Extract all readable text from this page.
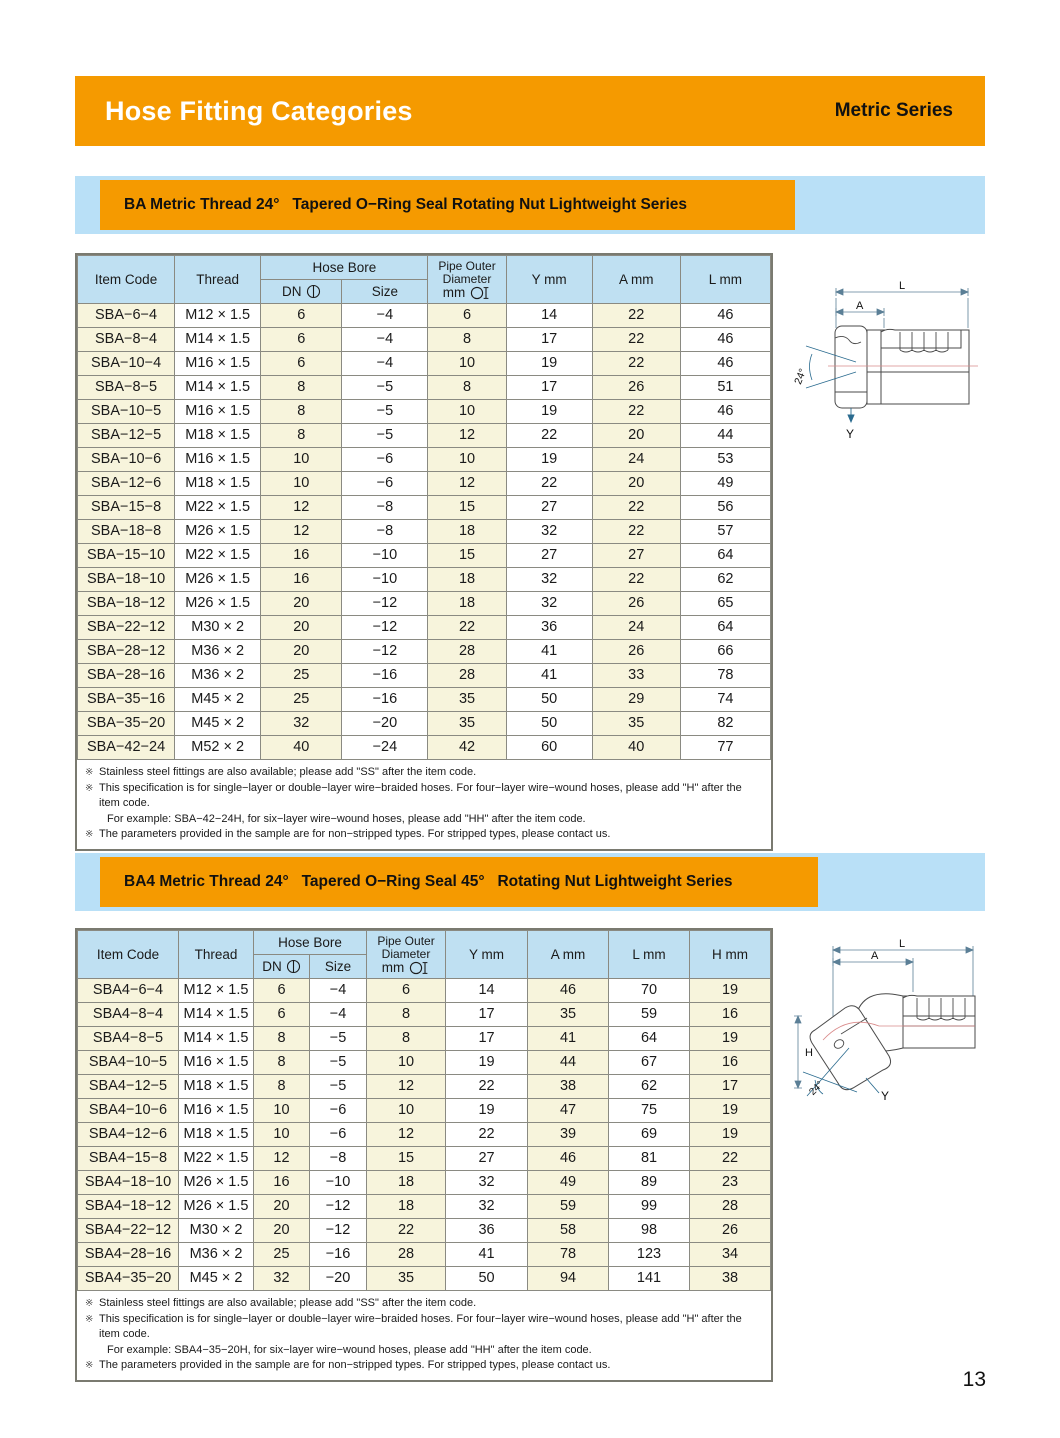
Hose Fitting Categories	Metric Series
BA Metric Thread 24°   Tapered O−Ring Seal Rotating Nut Lightweight Series
Item Code	Thread	Hose Bore		Pipe Outer
Diameter
mm	Y mm	A mm	L mm

		DN	Size				
SBA−6−4	M12 × 1.5	6	−4	6	14	22	46
SBA−8−4	M14 × 1.5	6	−4	8	17	22	46
SBA−10−4	M16 × 1.5	6	−4	10	19	22	46
SBA−8−5	M14 × 1.5	8	−5	8	17	26	51
SBA−10−5	M16 × 1.5	8	−5	10	19	22	46
SBA−12−5	M18 × 1.5	8	−5	12	22	20	44
SBA−10−6	M16 × 1.5	10	−6	10	19	24	53
SBA−12−6	M18 × 1.5	10	−6	12	22	20	49
SBA−15−8	M22 × 1.5	12	−8	15	27	22	56
SBA−18−8	M26 × 1.5	12	−8	18	32	22	57
SBA−15−10	M22 × 1.5	16	−10	15	27	27	64
SBA−18−10	M26 × 1.5	16	−10	18	32	22	62
SBA−18−12	M26 × 1.5	20	−12	18	32	26	65
SBA−22−12	M30 × 2	20	−12	22	36	24	64
SBA−28−12	M36 × 2	20	−12	28	41	26	66
SBA−28−16	M36 × 2	25	−16	28	41	33	78
SBA−35−16	M45 × 2	25	−16	35	50	29	74
SBA−35−20	M45 × 2	32	−20	35	50	35	82
SBA−42−24	M52 × 2	40	−24	42	60	40	77
※ Stainless steel fittings are also available; please add "SS" after the item code.
※ This specification is for single−layer or double−layer wire−braided hoses. For four−layer wire−wound hoses, please add "H" after the item code.
For example: SBA−42−24H, for six−layer wire−wound hoses, please add "HH" after the item code.
※ The parameters provided in the sample are for non−stripped types. For stripped types, please contact us.
L
A
24°
Y
BA4 Metric Thread 24°   Tapered O−Ring Seal 45°   Rotating Nut Lightweight Series
Item Code	Thread	Hose Bore		Pipe Outer
Diameter
mm	Y mm	A mm	L mm	H mm

		DN	Size					
SBA4−6−4	M12 × 1.5	6	−4	6	14	46	70	19
SBA4−8−4	M14 × 1.5	6	−4	8	17	35	59	16
SBA4−8−5	M14 × 1.5	8	−5	8	17	41	64	19
SBA4−10−5	M16 × 1.5	8	−5	10	19	44	67	16
SBA4−12−5	M18 × 1.5	8	−5	12	22	38	62	17
SBA4−10−6	M16 × 1.5	10	−6	10	19	47	75	19
SBA4−12−6	M18 × 1.5	10	−6	12	22	39	69	19
SBA4−15−8	M22 × 1.5	12	−8	15	27	46	81	22
SBA4−18−10	M26 × 1.5	16	−10	18	32	49	89	23
SBA4−18−12	M26 × 1.5	20	−12	18	32	59	99	28
SBA4−22−12	M30 × 2	20	−12	22	36	58	98	26
SBA4−28−16	M36 × 2	25	−16	28	41	78	123	34
SBA4−35−20	M45 × 2	32	−20	35	50	94	141	38
※ Stainless steel fittings are also available; please add "SS" after the item code.
※ This specification is for single−layer or double−layer wire−braided hoses. For four−layer wire−wound hoses, please add "H" after the item code.
For example: SBA4−35−20H, for six−layer wire−wound hoses, please add "HH" after the item code.
※ The parameters provided in the sample are for non−stripped types. For stripped types, please contact us.
L
A
H
24°	Y
13
